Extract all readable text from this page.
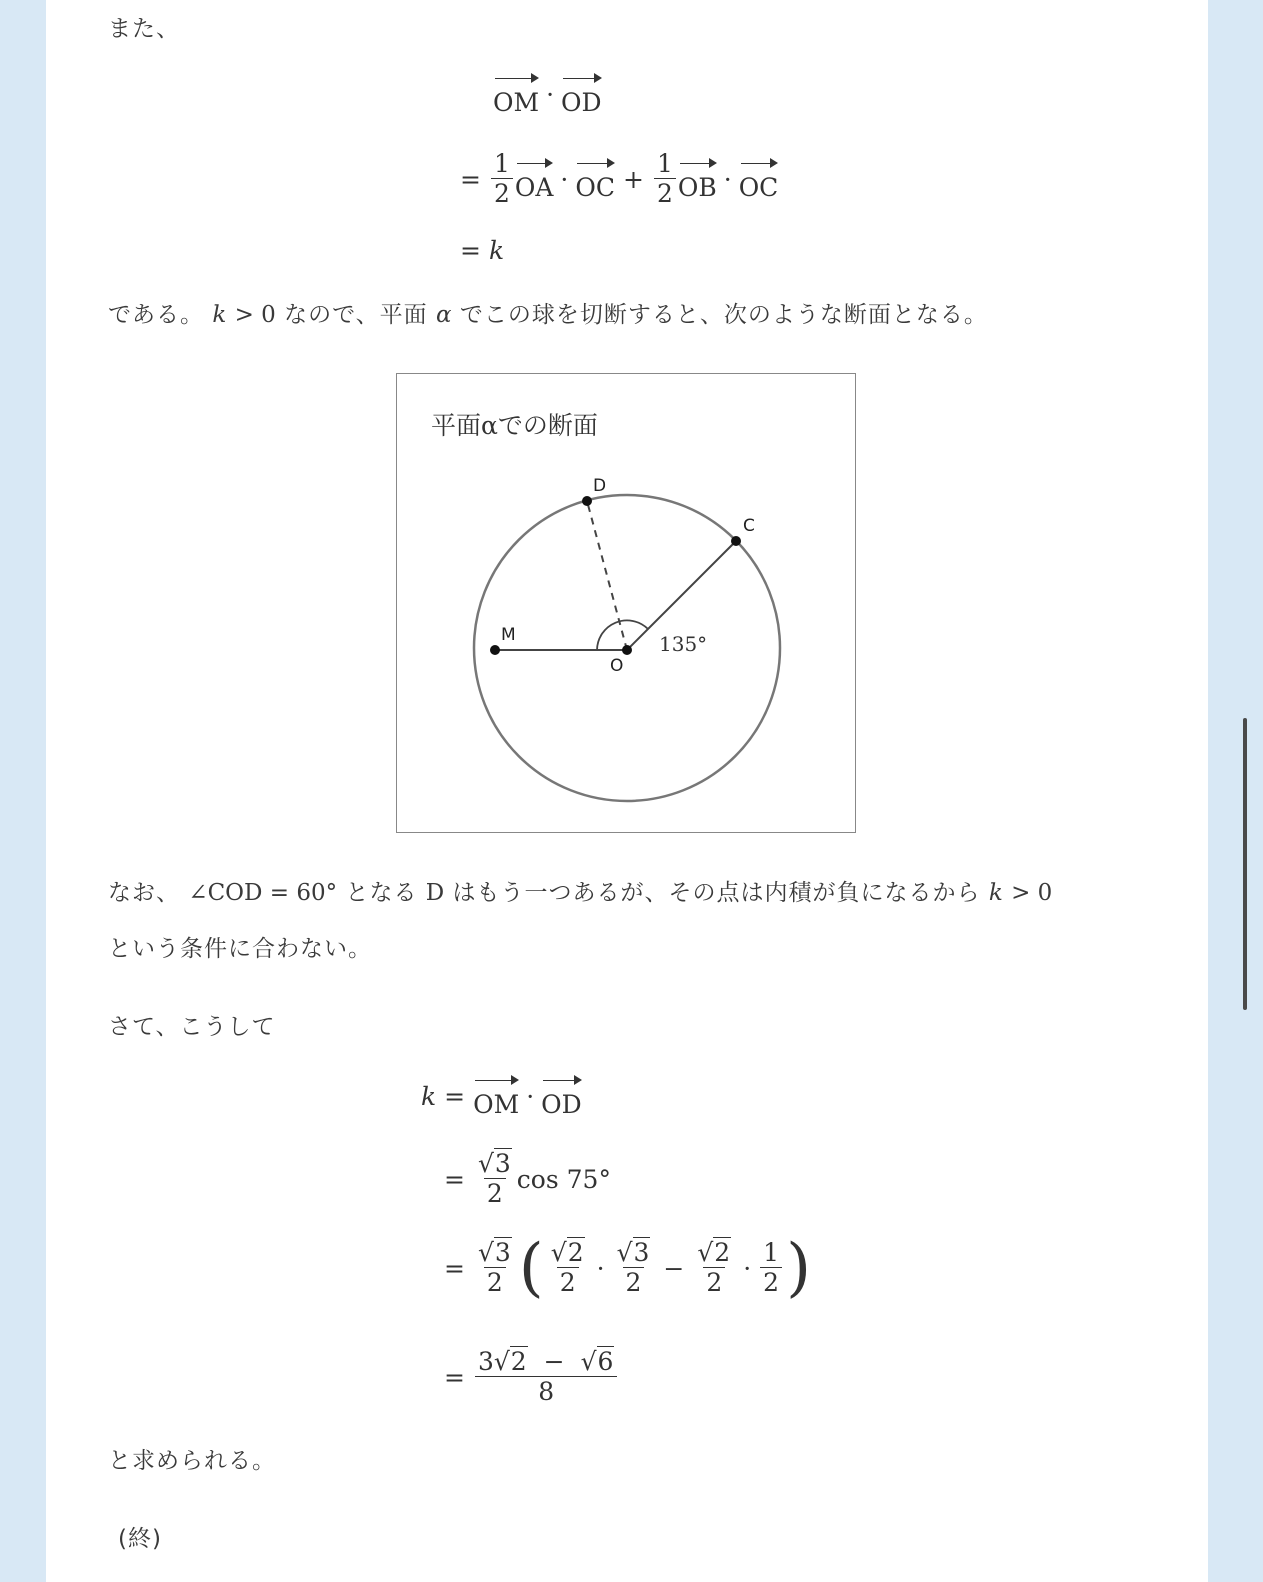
また、
OM · OD
= $\frac{1}{2}$ OA · OC + $\frac{1}{2}$ OB · OC
= k
である。 k > 0 なので、平面 α でこの球を切断すると、次のような断面となる。
平面αでの断面
D
C
M
O
135°
なお、 ∠COD = 60° となる D はもう一つあるが、その点は内積が負になるから k > 0
という条件に合わない。
さて、こうして
k = OM · OD
= $\frac{√3}{2}$ cos 75°
= $\frac{√3}{2}$ ( $\frac{√2}{2} \cdot \frac{√3}{2} - \frac{√2}{2} \cdot \frac{1}{2}$ )
= $\frac{3√2 - √6}{8}$
と求められる。
(終)
